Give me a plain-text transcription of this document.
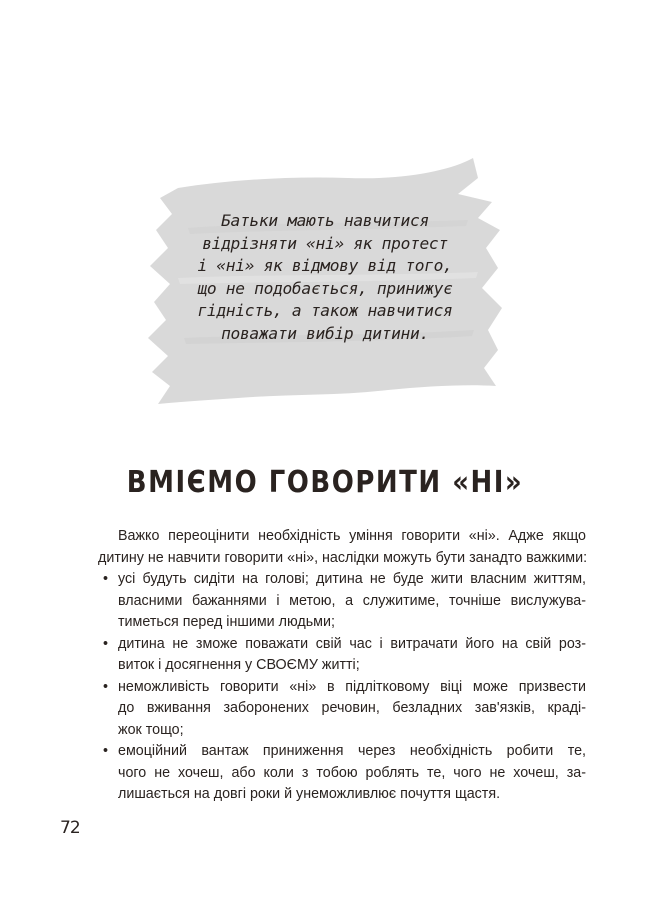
Батьки мають навчитися
відрізняти «ні» як протест
і «ні» як відмову від того,
що не подобається, принижує
гідність, а також навчитися
поважати вибір дитини.
ВМІЄМО ГОВОРИТИ «НІ»
Важко переоцінити необхідність уміння говорити «ні». Адже якщо
дитину не навчити говорити «ні», наслідки можуть бути занадто важкими:
• усі будуть сидіти на голові; дитина не буде жити власним життям,
власними бажаннями і метою, а служитиме, точніше вислужува-
тиметься перед іншими людьми;
• дитина не зможе поважати свій час і витрачати його на свій роз-
виток і досягнення у СВОЄМУ житті;
• неможливість говорити «ні» в підлітковому віці може призвести
до вживання заборонених речовин, безладних зав'язків, краді-
жок тощо;
• емоційний вантаж приниження через необхідність робити те,
чого не хочеш, або коли з тобою роблять те, чого не хочеш, за-
лишається на довгі роки й унеможливлює почуття щастя.
72
